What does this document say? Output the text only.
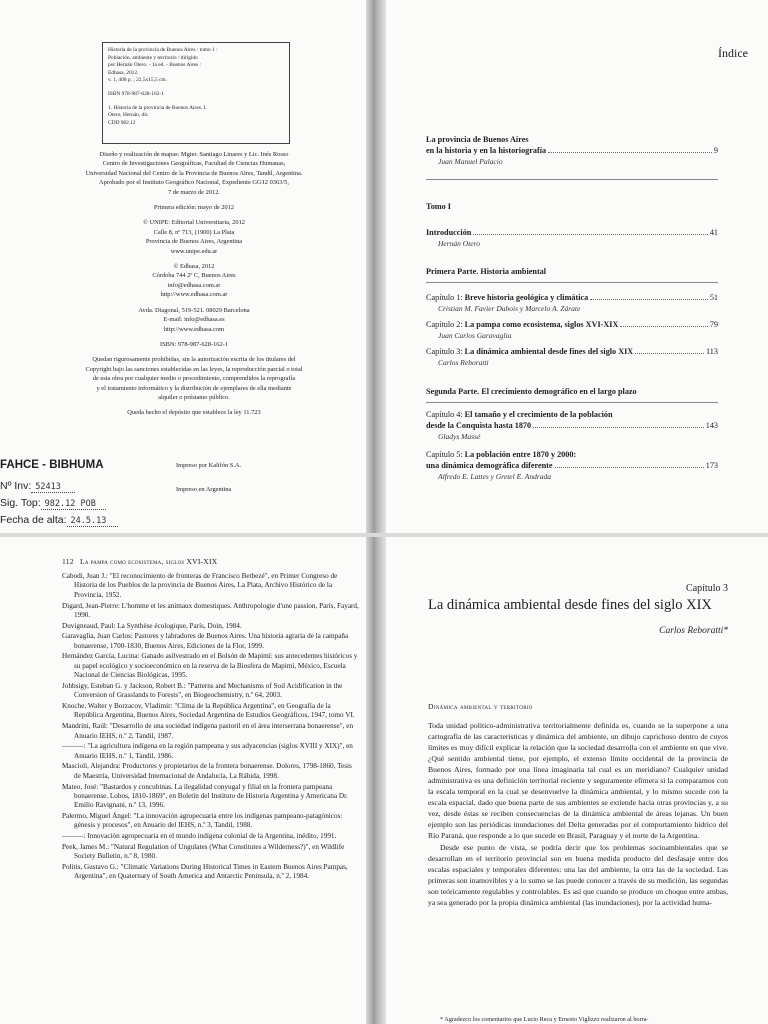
Historia de la provincia de Buenos Aires : tomo 1 :

Población, ambiente y territorio / dirigido

por Hernán Otero. - 1a ed. - Buenos Aires :

Edhasa, 2012.

v. 1, 408 p. ; 22,5x15,5 cm.

ISBN 978-987-628-162-1

1. Historia de la provincia de Buenos Aires. I.

Otero, Hernán, dir.

CDD 982.12

Diseño y realización de mapas: Mgter. Santiago Linares y Lic. Inés Rosso

Centro de Investigaciones Geográficas, Facultad de Ciencias Humanas,

Universidad Nacional del Centro de la Provincia de Buenos Aires, Tandil, Argentina.

Aprobado por el Instituto Geográfico Nacional, Expediente GG12 0363/5,

7 de marzo de 2012.

Primera edición: mayo de 2012

© UNIPE: Editorial Universitaria, 2012

Calle 8, nº 713, (1900) La Plata

Provincia de Buenos Aires, Argentina

www.unipe.edu.ar

© Edhasa, 2012

Córdoba 744 2º C, Buenos Aires

info@edhasa.com.ar

http://www.edhasa.com.ar

Avda. Diagonal, 519-521. 08029 Barcelona

E-mail: info@edhasa.es

http://www.edhasa.com

ISBN: 978-987-628-162-1

Quedan rigurosamente prohibidas, sin la autorización escrita de los titulares del

Copyright bajo las sanciones establecidas en las leyes, la reproducción parcial o total

de esta obra por cualquier medio o procedimiento, comprendidos la reprografía

y el tratamiento informático y la distribución de ejemplares de ella mediante

alquiler o préstamo público.

Queda hecho el depósito que establece la ley 11.723

FAHCE - BIBHUMA
Nº Inv: 52413
Sig. Top: 982.12 POB
Fecha de alta: 24.5.13
Impreso por Kalifón S.A.
Impreso en Argentina
Índice
La provincia de Buenos Aires
en la historia y en la historiografía	9
Juan Manuel Palacio
Tomo I
Introducción	41
Hernán Otero
Primera Parte. Historia ambiental
Capítulo 1:
Breve historia geológica y climática	51
Cristian M. Favier Dubois y Marcelo A. Zárate
Capítulo 2:
La pampa como ecosistema, siglos XVI-XIX	79
Juan Carlos Garavaglia
Capítulo 3:
La dinámica ambiental desde fines del siglo XIX	113
Carlos Reboratti
Segunda Parte. El crecimiento demográfico en el largo plazo
Capítulo 4: El tamaño y el crecimiento de la población
desde la Conquista hasta 1870	143
Gladys Massé
Capítulo 5: La población entre 1870 y 2000:
una dinámica demográfica diferente	173
Alfredo E. Lattes y Gretel E. Andrada
112 La pampa como ecosistema, siglos XVI-XIX

Cabodi, Juan J.: "El reconocimiento de fronteras de Francisco Betbezé", en Primer Congreso de Historia de los Pueblos de la provincia de Buenos Aires, La Plata, Archivo Histórico de la Provincia, 1952.

Digard, Jean-Pierre: L'homme et les animaux domestiques. Anthropologie d'une passion, París, Fayard, 1990.

Duvigneaud, Paul: La Synthèse écologique, París, Doin, 1984.

Garavaglia, Juan Carlos: Pastores y labradores de Buenos Aires. Una historia agraria de la campaña bonaerense, 1700-1830, Buenos Aires, Ediciones de la Flor, 1999.

Hernández García, Lucina: Ganado asilvestrado en el Bolsón de Mapimí: sus antecedentes históricos y su papel ecológico y socioeconómico en la reserva de la Biosfera de Mapimí, México, Escuela Nacional de Ciencias Biológicas, 1995.

Johbsigy, Esteban G. y Jackson, Robert B.: "Patterns and Mechanisms of Soil Acidification in the Conversion of Grasslands to Forests", en Biogeochemistry, n.º 64, 2003.

Knoche, Walter y Borzacov, Vladimir: "Clima de la República Argentina", en Geografía de la República Argentina, Buenos Aires, Sociedad Argentina de Estudios Geográficos, 1947, tomo VI.

Mandrini, Raúl: "Desarrollo de una sociedad indígena pastoril en el área interserrana bonaerense", en Anuario IEHS, n.º 2, Tandil, 1987.

———: "La agricultura indígena en la región pampeana y sus adyacencias (siglos XVIII y XIX)", en Anuario IEHS, n.º 1, Tandil, 1986.

Mascioli, Alejandra: Productores y propietarios de la frontera bonaerense. Dolores, 1798-1860, Tesis de Maestría, Universidad Internacional de Andalucía, La Rábida, 1998.

Mateo, José: "Bastardos y concubinas. La ilegalidad conyugal y filial en la frontera pampeana bonaerense. Lobos, 1810-1869", en Boletín del Instituto de Historia Argentina y Americana Dr. Emilio Ravignani, n.º 13, 1996.

Palermo, Miguel Ángel: "La innovación agropecuaria entre los indígenas pampeano-patagónicos: génesis y procesos", en Anuario del IEHS, n.º 3, Tandil, 1988.

———: Innovación agropecuaria en el mundo indígena colonial de la Argentina, inédito, 1991.

Peek, James M.: "Natural Regulation of Ungulates (What Constitutes a Wilderness?)", en Wildlife Society Bulletin, n.º 8, 1980.

Politis, Gustavo G.: "Climatic Variations During Historical Times in Eastern Buenos Aires Pampas, Argentina", en Quaternary of South America and Antarctic Peninsula, n.º 2, 1984.

Capítulo 3
La dinámica ambiental desde fines del siglo XIX
Carlos Reboratti*
Dinámica ambiental y territorio

Toda unidad político-administrativa territorialmente definida es, cuando se la superpone a una cartografía de las características y dinámica del ambiente, un dibujo caprichoso dentro de cuyos límites es muy difícil explicar la relación que la sociedad desarrolla con el ambiente en que vive. ¿Qué sentido ambiental tiene, por ejemplo, el extenso límite occidental de la provincia de Buenos Aires, formado por una línea imaginaria tal cual es un meridiano? Cualquier unidad administrativa es una definición territorial reciente y seguramente efímera si la comparamos con la escala temporal en la cual se desenvuelve la dinámica ambiental, y lo mismo sucede con la escala espacial, dado que buena parte de sus ambientes se extiende hacia otras provincias y, a su vez, desde éstas se reciben consecuencias de la dinámica ambiental de áreas lejanas. Un buen ejemplo son las periódicas inundaciones del Delta generadas por el comportamiento hídrico del Río Paraná, que responde a lo que sucede en Brasil, Paraguay y el norte de la Argentina.

Desde ese punto de vista, se podría decir que los problemas socioambientales que se desarrollan en el territorio provincial son en buena medida producto del desfasaje entre dos escalas espaciales y temporales diferentes: una las del ambiente, la otra las de la sociedad. Las primeras son inamovibles y a lo sumo se las puede conocer a través de su medición, las segundas son teóricamente regulables y controlables. Es así que cuando se produce un choque entre ambas, ya sea generado por la propia dinámica ambiental (las inundaciones), por la actividad huma-

* Agradezco los comentarios que Lucio Reca y Ernesto Viglizzo realizaron al borra-
